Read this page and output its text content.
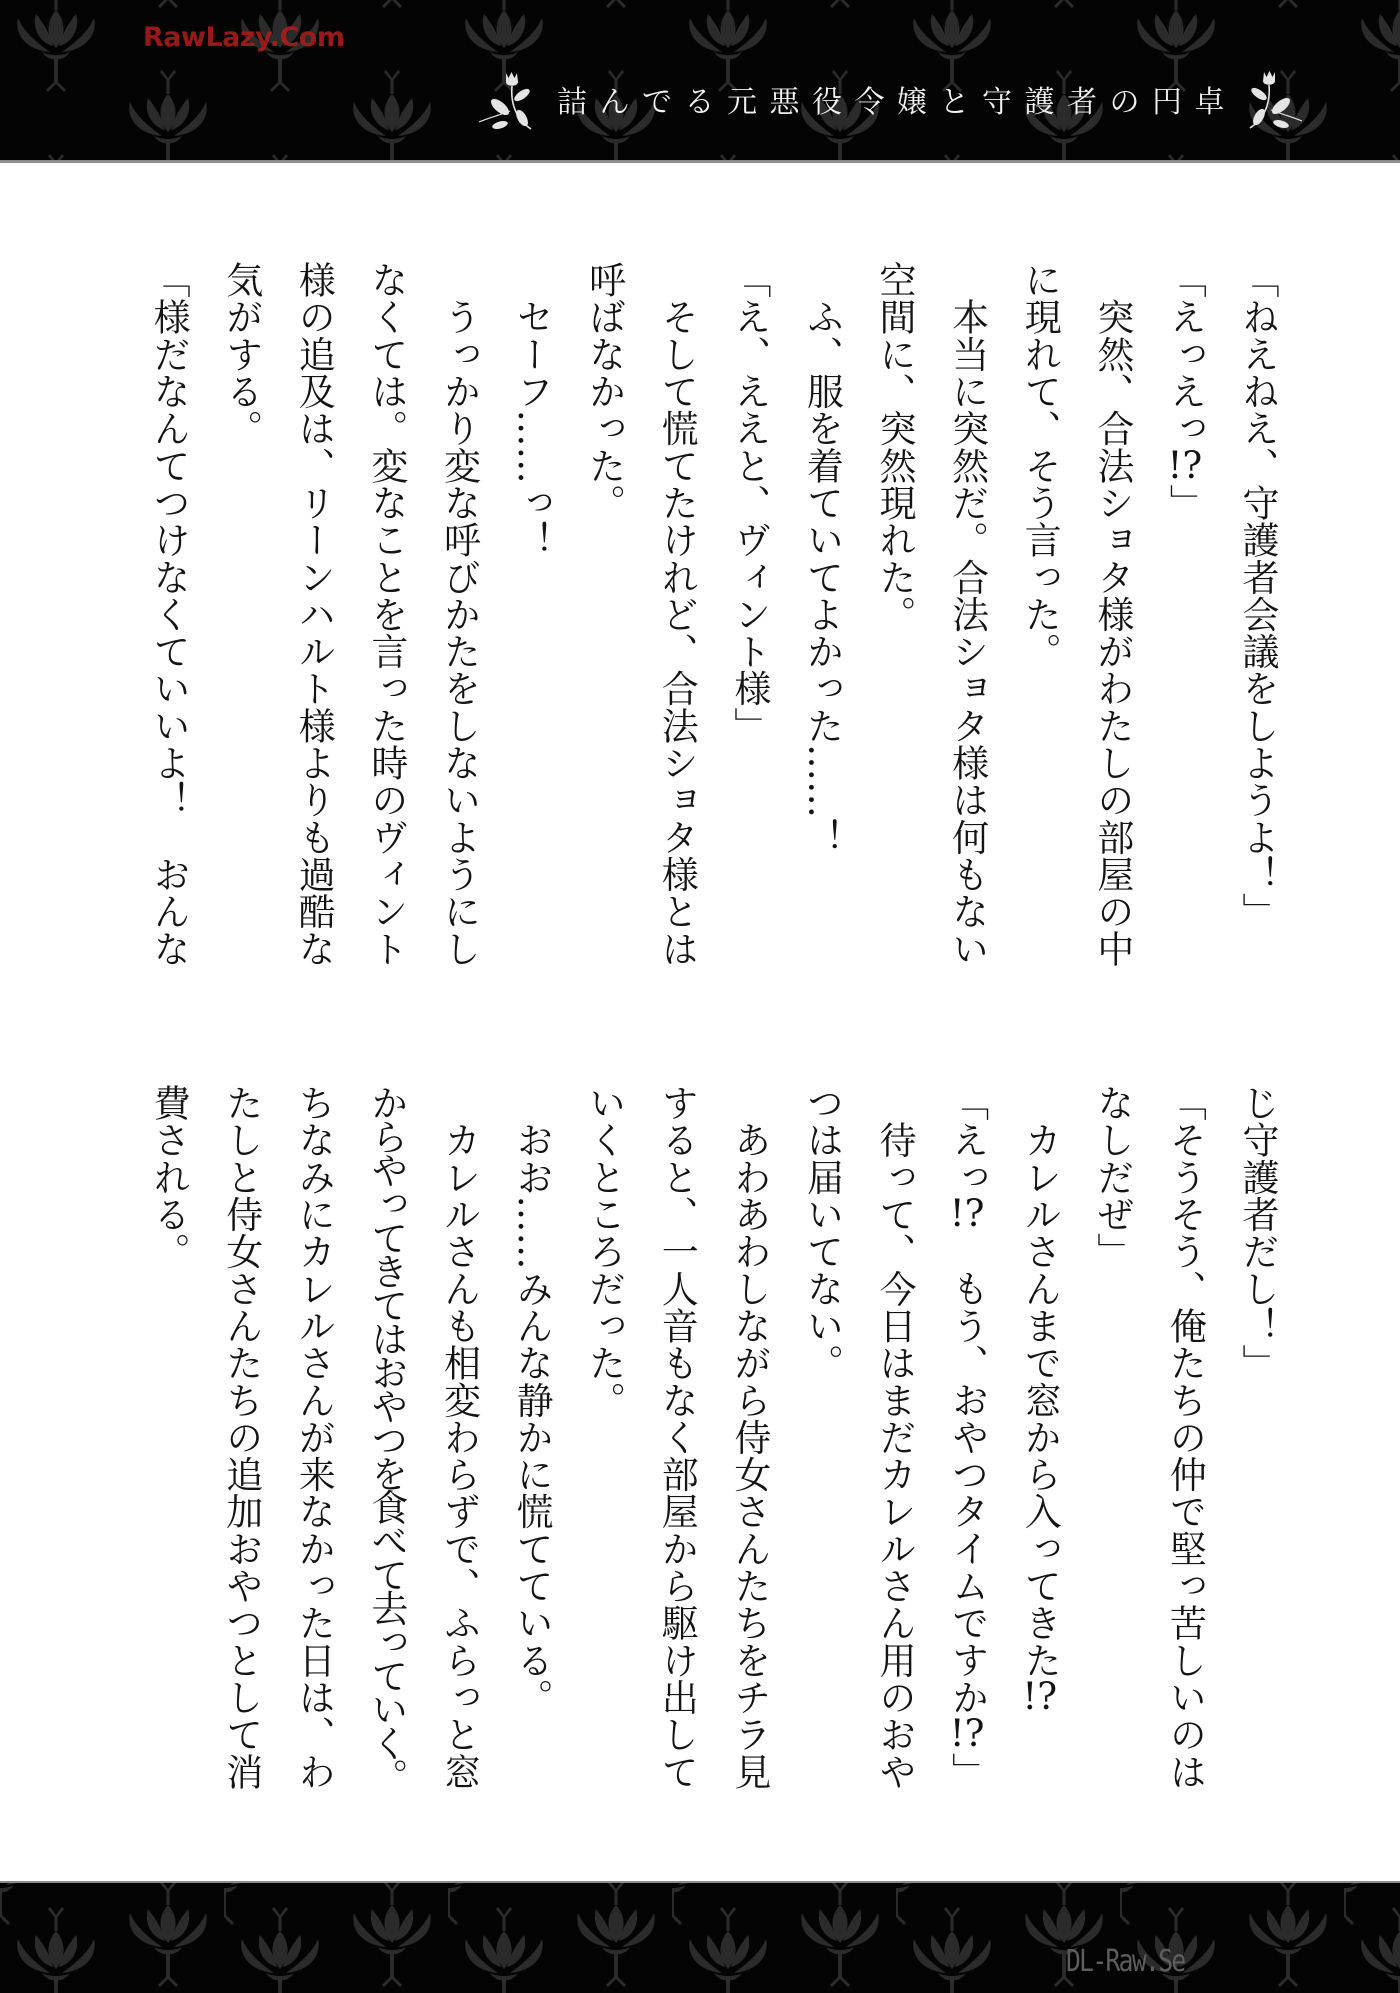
RawLazy.Com
詰んでる元悪役令嬢と守護者の円卓
「ねえねえ、守護者会議をしようよ！」
「えっえっ!?」
　突然、合法ショタ様がわたしの部屋の中
に現れて、そう言った。
　本当に突然だ。合法ショタ様は何もない
空間に、突然現れた。
　ふ、服を着ていてよかった……！
「え、ええと、ヴィント様」
　そして慌てたけれど、合法ショタ様とは
呼ばなかった。
　セーフ……っ！
　うっかり変な呼びかたをしないようにし
なくては。変なことを言った時のヴィント
様の追及は、リーンハルト様よりも過酷な
気がする。
「様だなんてつけなくていいよ！　おんな
じ守護者だし！」
「そうそう、俺たちの仲で堅っ苦しいのは
なしだぜ」
　カレルさんまで窓から入ってきた!?
「えっ!?　もう、おやつタイムですか!?」
　待って、今日はまだカレルさん用のおや
つは届いてない。
　あわあわしながら侍女さんたちをチラ見
すると、一人音もなく部屋から駆け出して
いくところだった。
　おお……みんな静かに慌てている。
　カレルさんも相変わらずで、ふらっと窓
からやってきてはおやつを食べて去っていく。
ちなみにカレルさんが来なかった日は、わ
たしと侍女さんたちの追加おやつとして消
費される。
DL-Raw.Se
